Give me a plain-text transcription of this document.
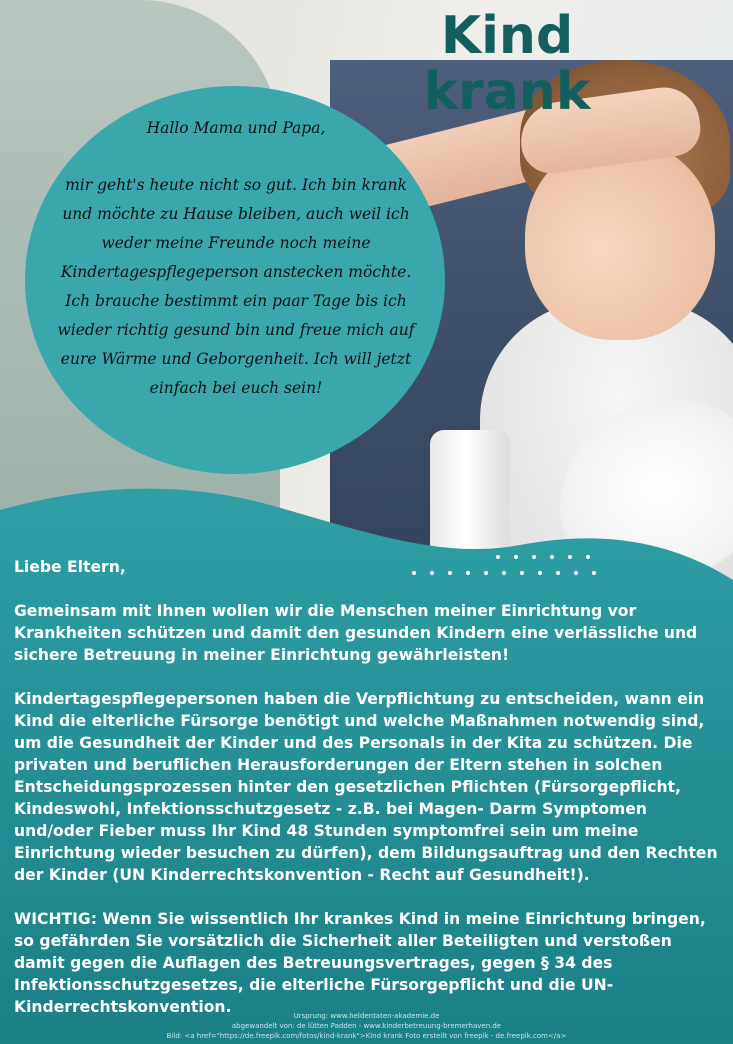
Kind
krank
Hallo Mama und Papa,
mir geht's heute nicht so gut. Ich bin krank und möchte zu Hause bleiben, auch weil ich weder meine Freunde noch meine Kindertagespflegeperson anstecken möchte. Ich brauche bestimmt ein paar Tage bis ich wieder richtig gesund bin und freue mich auf eure Wärme und Geborgenheit. Ich will jetzt einfach bei euch sein!

Liebe Eltern,

Gemeinsam mit Ihnen wollen wir die Menschen meiner Einrichtung vor Krankheiten schützen und damit den gesunden Kindern eine verlässliche und sichere Betreuung in meiner Einrichtung gewährleisten!

Kindertagespflegepersonen haben die Verpflichtung zu entscheiden, wann ein Kind die elterliche Fürsorge benötigt und welche Maßnahmen notwendig sind, um die Gesundheit der Kinder und des Personals in der Kita zu schützen. Die privaten und beruflichen Herausforderungen der Eltern stehen in solchen Entscheidungsprozessen hinter den gesetzlichen Pflichten (Fürsorgepflicht, Kindeswohl, Infektionsschutzgesetz - z.B. bei Magen- Darm Symptomen und/oder Fieber muss Ihr Kind 48 Stunden symptomfrei sein um meine Einrichtung wieder besuchen zu dürfen), dem Bildungsauftrag und den Rechten der Kinder (UN Kinderrechtskonvention - Recht auf Gesundheit!).

WICHTIG: Wenn Sie wissentlich Ihr krankes Kind in meine Einrichtung bringen, so gefährden Sie vorsätzlich die Sicherheit aller Beteiligten und verstoßen damit gegen die Auflagen des Betreuungsvertrages, gegen § 34 des Infektionsschutzgesetzes, die elterliche Fürsorgepflicht und die UN-Kinderrechtskonvention.	Ursprung: www.heldentaten-akademie.de
abgewandelt von: de lütten Padden - www.kinderbetreuung-bremerhaven.de
Bild: <a href="https://de.freepik.com/fotos/kind-krank">Kind krank Foto erstellt von freepik - de.freepik.com</a>
